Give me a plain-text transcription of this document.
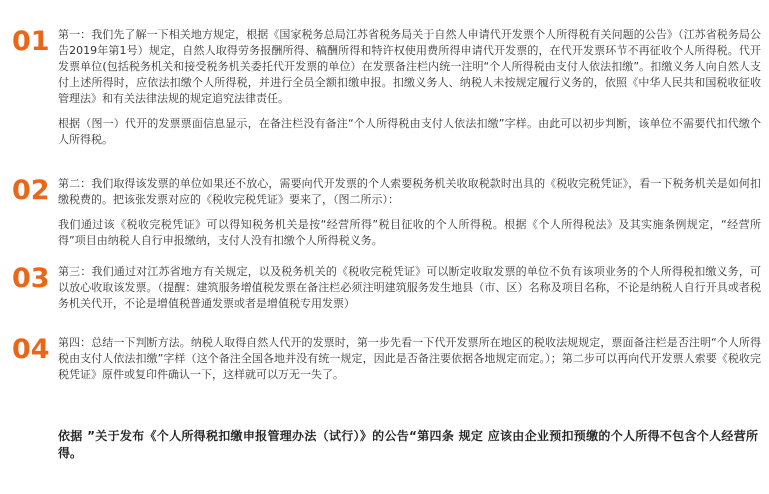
01 第一：我们先了解一下相关地方规定，根据《国家税务总局江苏省税务局关于自然人申请代开发票个人所得税有关问题的公告》（江苏省税务局公告2019年第1号）规定，自然人取得劳务报酬所得、稿酬所得和特许权使用费所得申请代开发票的，在代开发票环节不再征收个人所得税。代开发票单位(包括税务机关和接受税务机关委托代开发票的单位）在发票备注栏内统一注明“个人所得税由支付人依法扣缴”。扣缴义务人向自然人支付上述所得时，应依法扣缴个人所得税，并进行全员全额扣缴申报。扣缴义务人、纳税人未按规定履行义务的，依照《中华人民共和国税收征收管理法》和有关法律法规的规定追究法律责任。

根据（图一）代开的发票票面信息显示，在备注栏没有备注“个人所得税由支付人依法扣缴”字样。由此可以初步判断，该单位不需要代扣代缴个人所得税。

02 第二：我们取得该发票的单位如果还不放心，需要向代开发票的个人索要税务机关收取税款时出具的《税收完税凭证》，看一下税务机关是如何扣缴税费的。把该张发票对应的《税收完税凭证》要来了，（图二所示）：

我们通过该《税收完税凭证》可以得知税务机关是按“经营所得”税目征收的个人所得税。根据《个人所得税法》及其实施条例规定，“经营所得”项目由纳税人自行申报缴纳，支付人没有扣缴个人所得税义务。

03 第三：我们通过对江苏省地方有关规定，以及税务机关的《税收完税凭证》可以断定收取发票的单位不负有该项业务的个人所得税扣缴义务，可以放心收取该发票。（提醒：建筑服务增值税发票在备注栏必须注明建筑服务发生地县（市、区）名称及项目名称，不论是纳税人自行开具或者税务机关代开，不论是增值税普通发票或者是增值税专用发票）

04 第四：总结一下判断方法。纳税人取得自然人代开的发票时，第一步先看一下代开发票所在地区的税收法规规定，票面备注栏是否注明“个人所得税由支付人依法扣缴”字样（这个备注全国各地并没有统一规定，因此是否备注要依据各地规定而定。）；第二步可以再向代开发票人索要《税收完税凭证》原件或复印件确认一下，这样就可以万无一失了。

依据 ”关于发布《个人所得税扣缴申报管理办法（试行）》的公告“第四条 规定 应该由企业预扣预缴的个人所得不包含个人经营所得。
